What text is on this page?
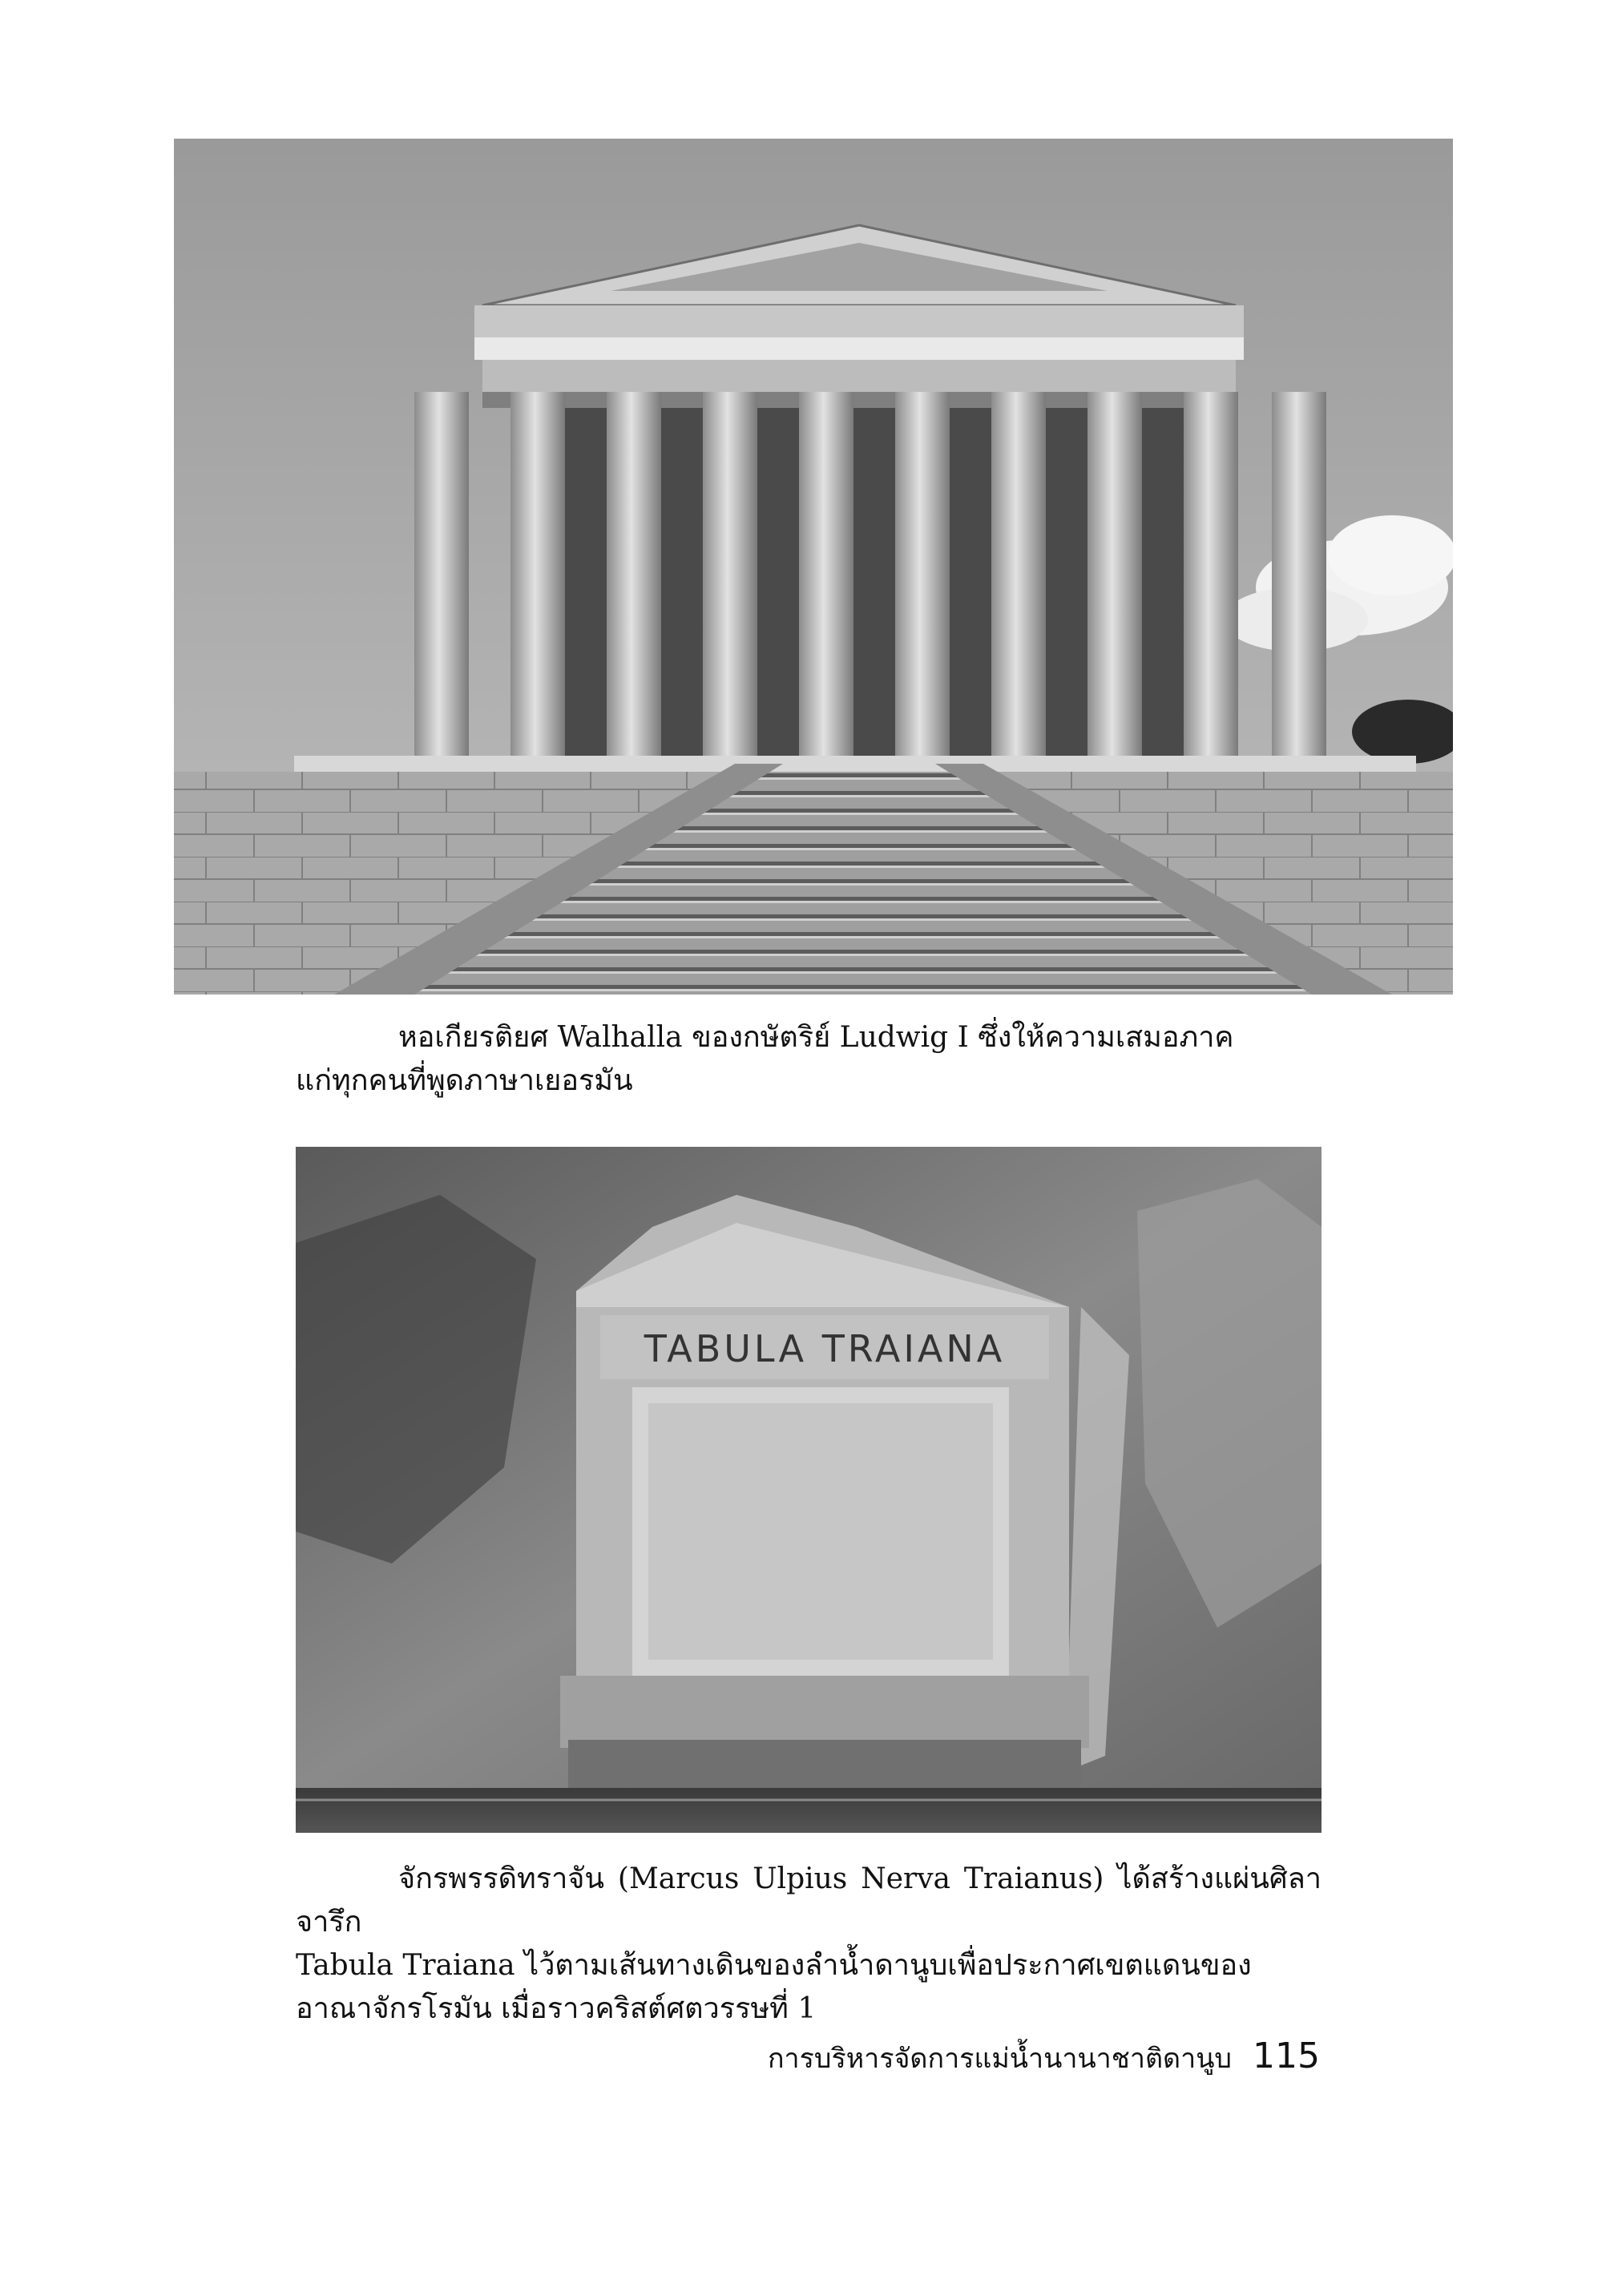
หอเกียรติยศ Walhalla ของกษัตริย์ Ludwig I ซึ่งให้ความเสมอภาค

แก่ทุกคนที่พูดภาษาเยอรมัน

TABULA TRAIANA

จักรพรรดิทราจัน (Marcus Ulpius Nerva Traianus) ได้สร้างแผ่นศิลาจารึก

Tabula Traiana ไว้ตามเส้นทางเดินของลำน้ำดานูบเพื่อประกาศเขตแดนของ

อาณาจักรโรมัน เมื่อราวคริสต์ศตวรรษที่ 1

การบริหารจัดการแม่น้ำนานาชาติดานูบ 115
